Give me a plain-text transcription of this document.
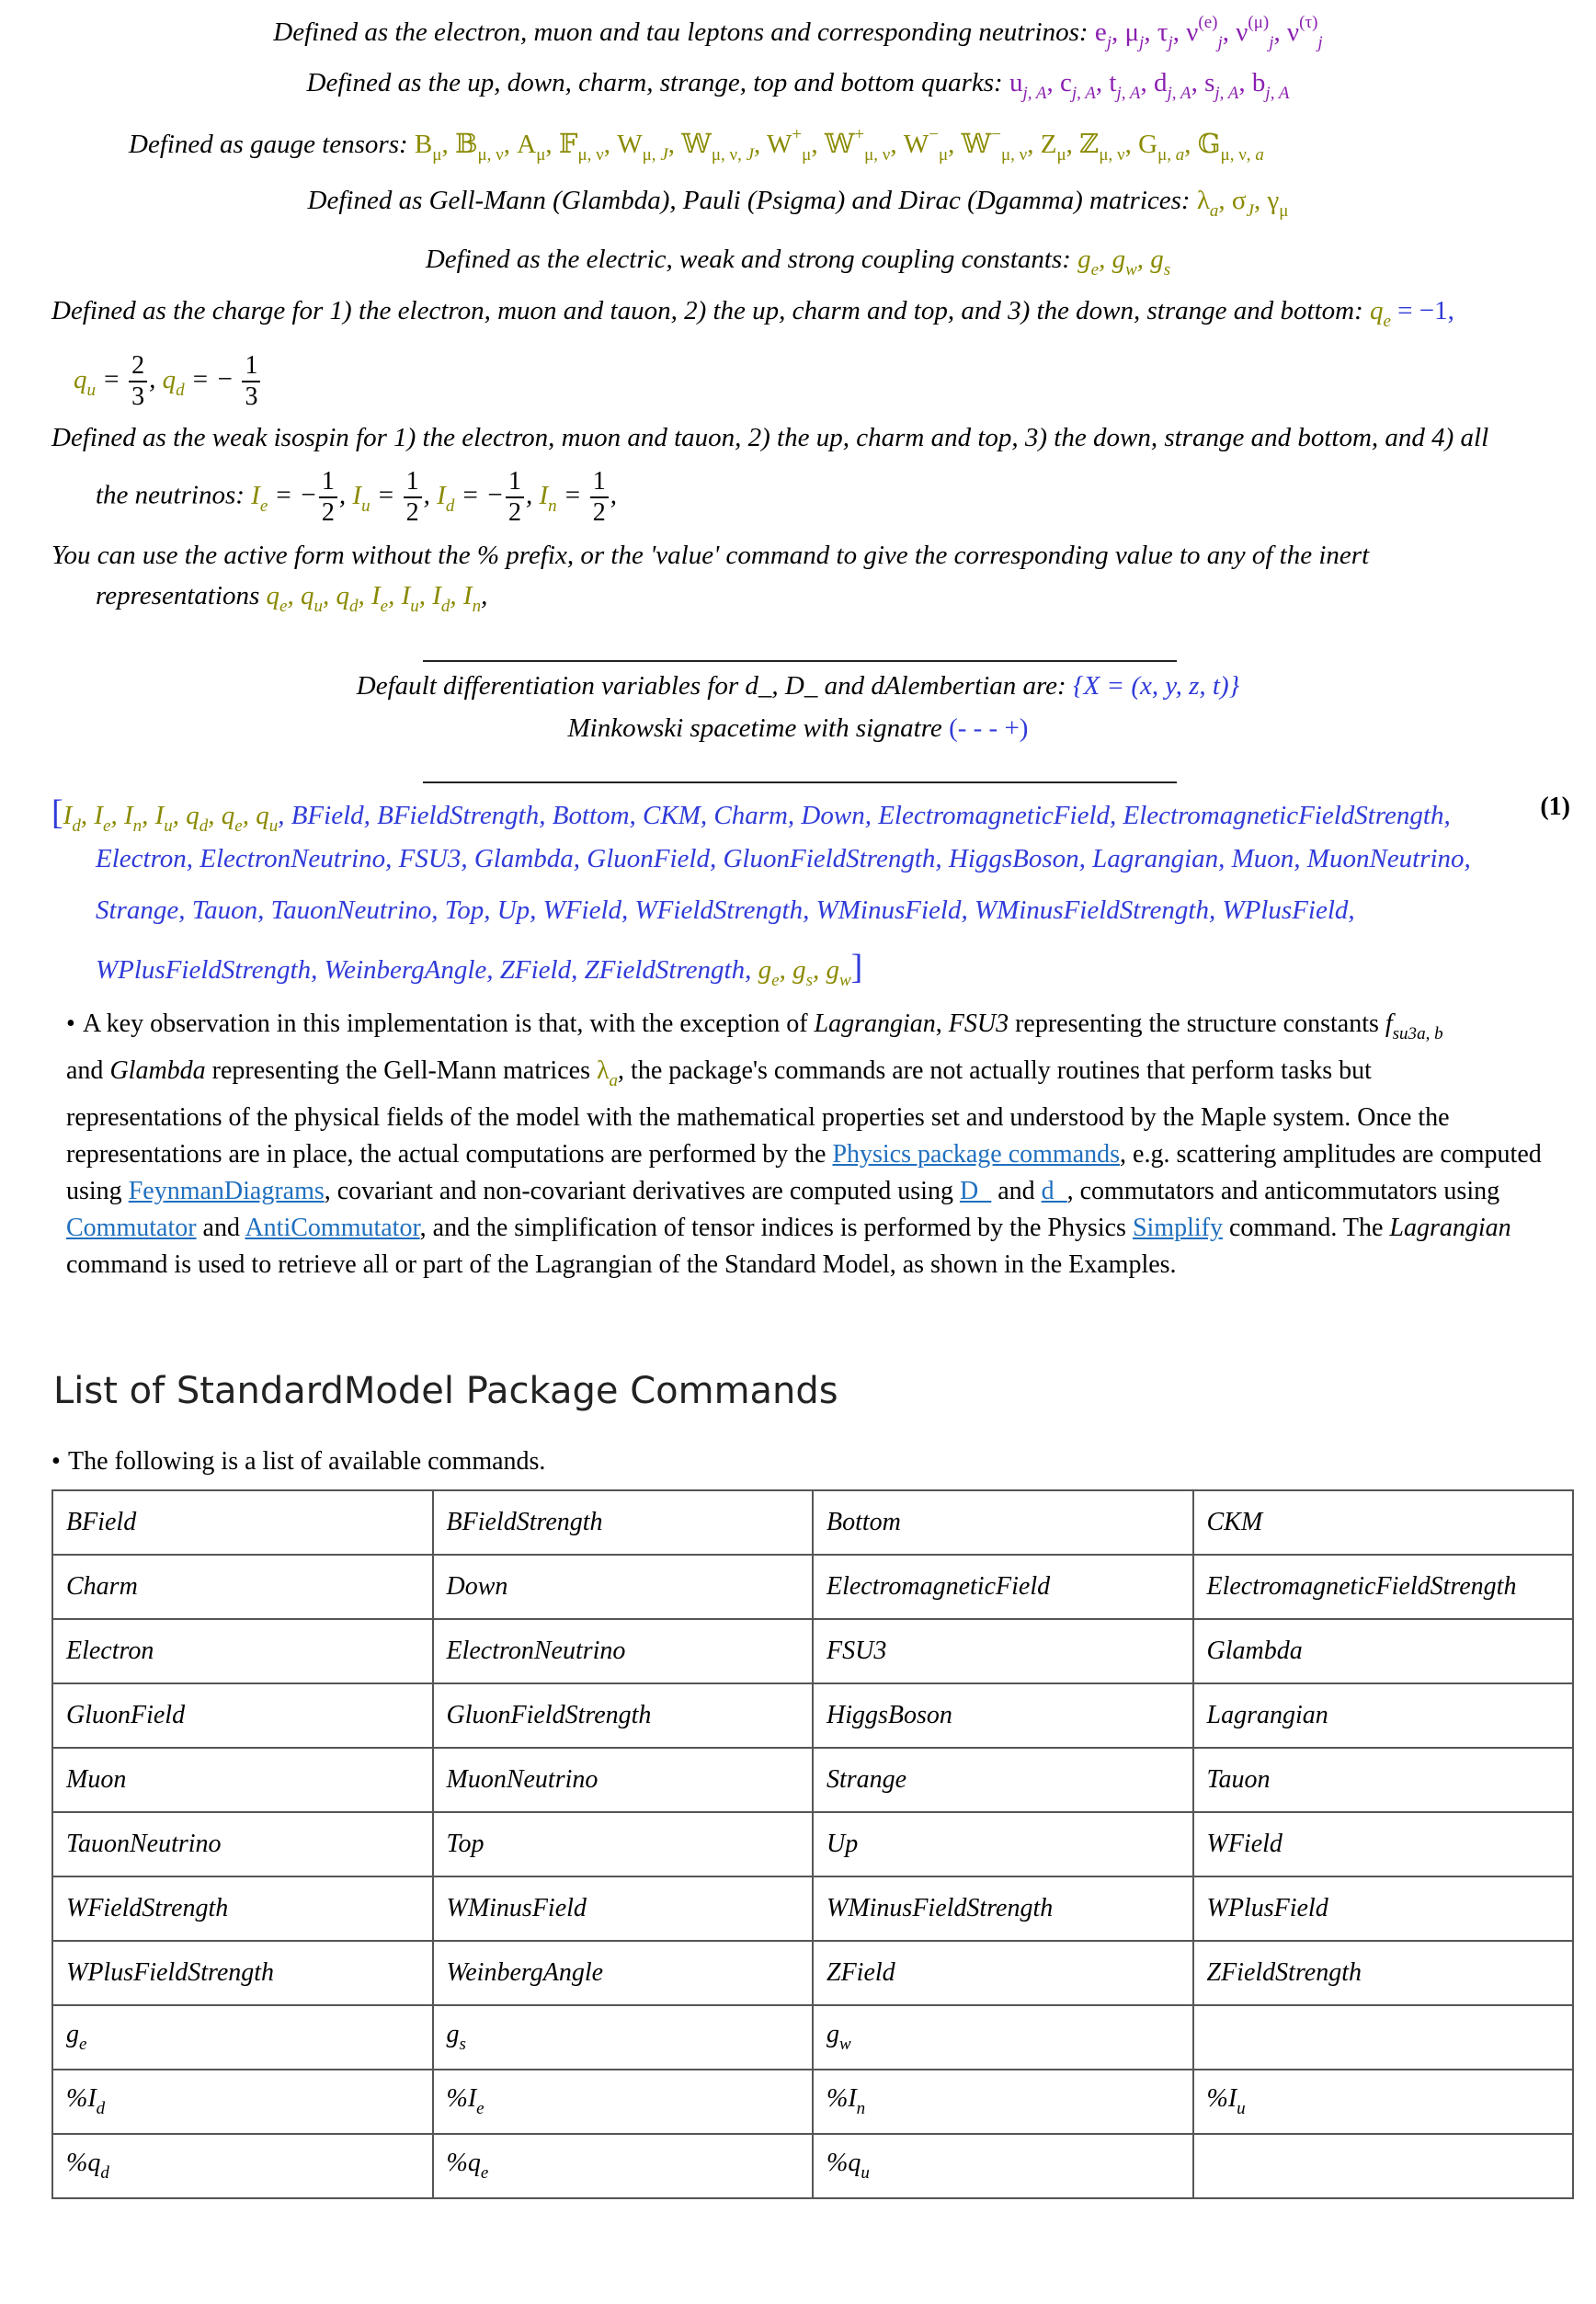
Defined as the electron, muon and tau leptons and corresponding neutrinos: $e_j$, $\mu_j$, $\tau_j$, $\nu^{(e)}_j$, $\nu^{(\mu)}_j$, $\nu^{(\tau)}_j$
Defined as the up, down, charm, strange, top and bottom quarks: $u_{j, A}$, $c_{j, A}$, $t_{j, A}$, $d_{j, A}$, $s_{j, A}$, $b_{j, A}$
Defined as gauge tensors: $B_\mu$, 𝔹$_{\mu, \nu}$, $A_\mu$, 𝔽$_{\mu, \nu}$, $W_{\mu, J}$, 𝕎$_{\mu, \nu, J}$, $W^+_\mu$, 𝕎+$_{\mu, \nu}$, $W^-_\mu$, 𝕎−$_{\mu, \nu}$, $Z_\mu$, ℤ$_{\mu, \nu}$, $G_{\mu, a}$, 𝔾$_{\mu, \nu, a}$
Defined as Gell-Mann (Glambda), Pauli (Psigma) and Dirac (Dgamma) matrices: $\lambda_a$, $\sigma_J$, $\gamma_\mu$
Defined as the electric, weak and strong coupling constants: $g_e$, $g_w$, $g_s$
Defined as the charge for 1) the electron, muon and tauon, 2) the up, charm and top, and 3) the down, strange and bottom: $q_e = -1$,
$q_u = \frac{2}{3}$ , $q_d$ = − $\frac{1}{3}$
Defined as the weak isospin for 1) the electron, muon and tauon, 2) the up, charm and top, 3) the down, strange and bottom, and 4) all
the neutrinos: $I_e$ = − $\frac{1}{2}$ , $I_u = \frac{1}{2}$ , $I_d$ = − $\frac{1}{2}$ , $I_n = \frac{1}{2}$ ,
You can use the active form without the % prefix, or the 'value' command to give the corresponding value to any of the inert
representations $q_e$, $q_u$, $q_d$, $I_e$, $I_u$, $I_d$, $I_n$,
Default differentiation variables for d_, D_ and dAlembertian are: {X = (x, y, z, t)}
Minkowski spacetime with signatre (- - - +)
[$I_d$, $I_e$, $I_n$, $I_u$, $q_d$, $q_e$, $q_u$, BField, BFieldStrength, Bottom, CKM, Charm, Down, ElectromagneticField, ElectromagneticFieldStrength,	(1)
Electron, ElectronNeutrino, FSU3, Glambda, GluonField, GluonFieldStrength, HiggsBoson, Lagrangian, Muon, MuonNeutrino,
Strange, Tauon, TauonNeutrino, Top, Up, WField, WFieldStrength, WMinusField, WMinusFieldStrength, WPlusField,
WPlusFieldStrength, WeinbergAngle, ZField, ZFieldStrength, $g_e$, $g_s$, $g_w$]
• A key observation in this implementation is that, with the exception of Lagrangian, FSU3 representing the structure constants $f_{su3a, b}$
and Glambda representing the Gell-Mann matrices $\lambda_a$, the package's commands are not actually routines that perform tasks but
representations of the physical fields of the model with the mathematical properties set and understood by the Maple system. Once the representations are in place, the actual computations are performed by the Physics package commands, e.g. scattering amplitudes are computed using FeynmanDiagrams, covariant and non-covariant derivatives are computed using D_ and d_, commutators and anticommutators using Commutator and AntiCommutator, and the simplification of tensor indices is performed by the Physics Simplify command. The Lagrangian command is used to retrieve all or part of the Lagrangian of the Standard Model, as shown in the Examples.
List of StandardModel Package Commands
• The following is a list of available commands.
BField	BFieldStrength	Bottom	CKM
Charm	Down	ElectromagneticField	ElectromagneticFieldStrength
Electron	ElectronNeutrino	FSU3	Glambda
GluonField	GluonFieldStrength	HiggsBoson	Lagrangian
Muon	MuonNeutrino	Strange	Tauon
TauonNeutrino	Top	Up	WField
WFieldStrength	WMinusField	WMinusFieldStrength	WPlusField
WPlusFieldStrength	WeinbergAngle	ZField	ZFieldStrength
$g_e$	$g_s$	$g_w$	
$\%I_d$	$\%I_e$	$\%I_n$	$\%I_u$
$\%q_d$	$\%q_e$	$\%q_u$	
